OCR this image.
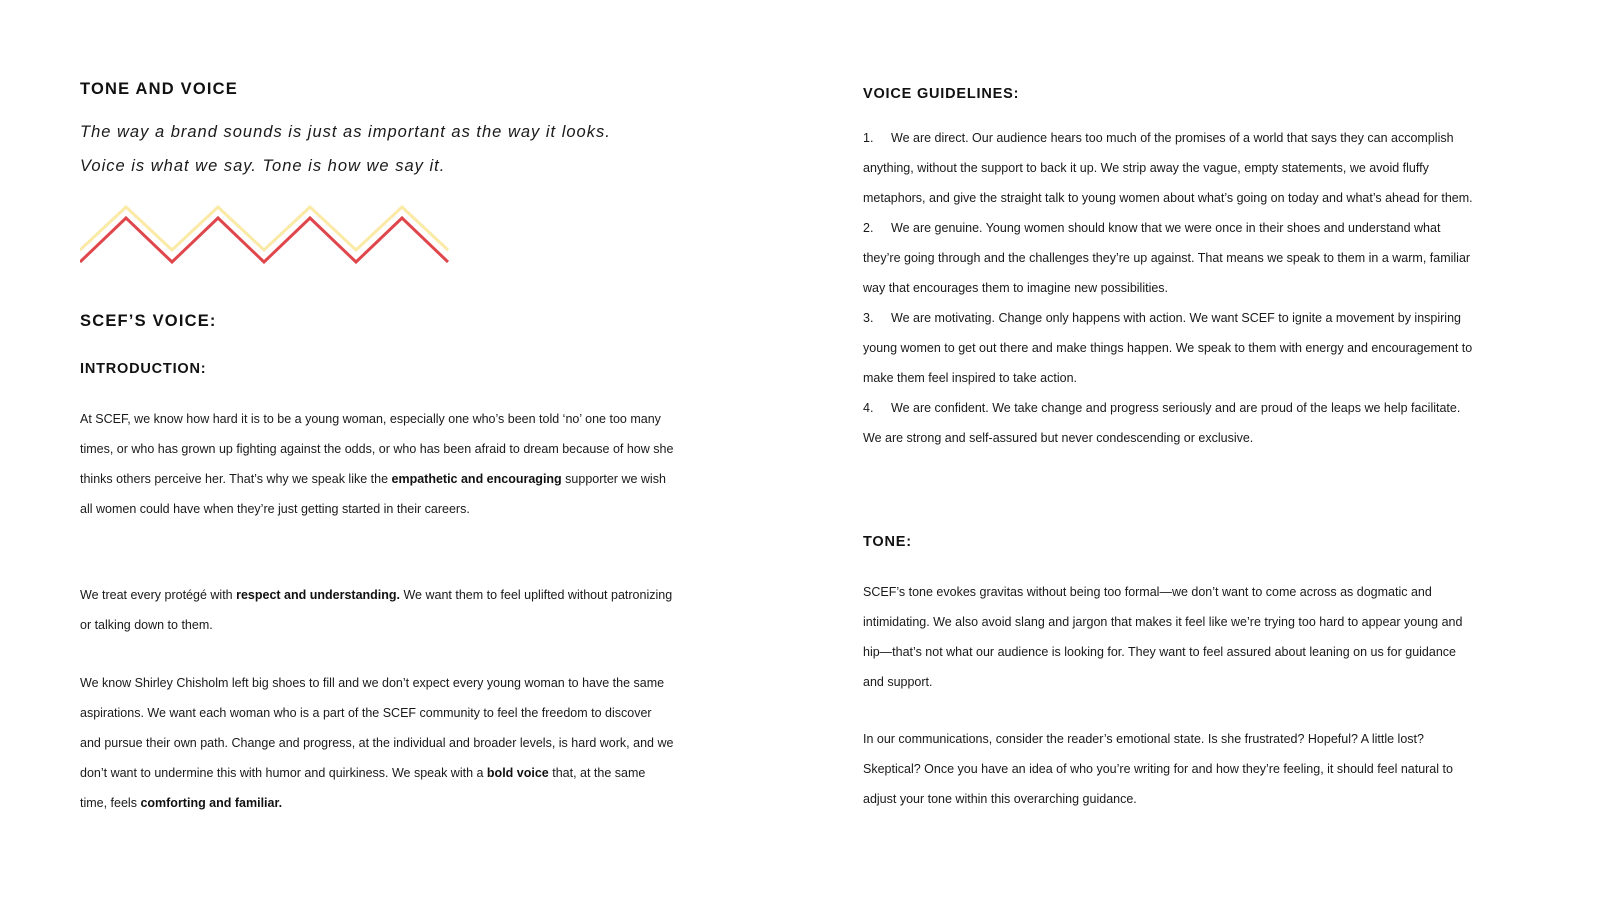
TONE AND VOICE
The way a brand sounds is just as important as the way it looks.
Voice is what we say. Tone is how we say it.
SCEF’S VOICE:
INTRODUCTION:

At SCEF, we know how hard it is to be a young woman, especially one who’s been told ‘no’ one too many times, or who has grown up fighting against the odds, or who has been afraid to dream because of how she thinks others perceive her. That’s why we speak like the empathetic and encouraging supporter we wish all women could have when they’re just getting started in their careers.

We treat every protégé with respect and understanding. We want them to feel uplifted without patronizing or talking down to them.

We know Shirley Chisholm left big shoes to fill and we don’t expect every young woman to have the same aspirations. We want each woman who is a part of the SCEF community to feel the freedom to discover and pursue their own path. Change and progress, at the individual and broader levels, is hard work, and we don’t want to undermine this with humor and quirkiness. We speak with a bold voice that, at the same time, feels comforting and familiar.

VOICE GUIDELINES:
1. We are direct. Our audience hears too much of the promises of a world that says they can accomplish anything, without the support to back it up. We strip away the vague, empty statements, we avoid fluffy metaphors, and give the straight talk to young women about what’s going on today and what’s ahead for them.
2. We are genuine. Young women should know that we were once in their shoes and understand what they’re going through and the challenges they’re up against. That means we speak to them in a warm, familiar way that encourages them to imagine new possibilities.
3. We are motivating. Change only happens with action. We want SCEF to ignite a movement by inspiring young women to get out there and make things happen. We speak to them with energy and encouragement to make them feel inspired to take action.
4. We are confident. We take change and progress seriously and are proud of the leaps we help facilitate. We are strong and self-assured but never condescending or exclusive.
TONE:

SCEF’s tone evokes gravitas without being too formal—we don’t want to come across as dogmatic and intimidating. We also avoid slang and jargon that makes it feel like we’re trying too hard to appear young and hip—that’s not what our audience is looking for. They want to feel assured about leaning on us for guidance and support.

In our communications, consider the reader’s emotional state. Is she frustrated? Hopeful? A little lost? Skeptical? Once you have an idea of who you’re writing for and how they’re feeling, it should feel natural to adjust your tone within this overarching guidance.
